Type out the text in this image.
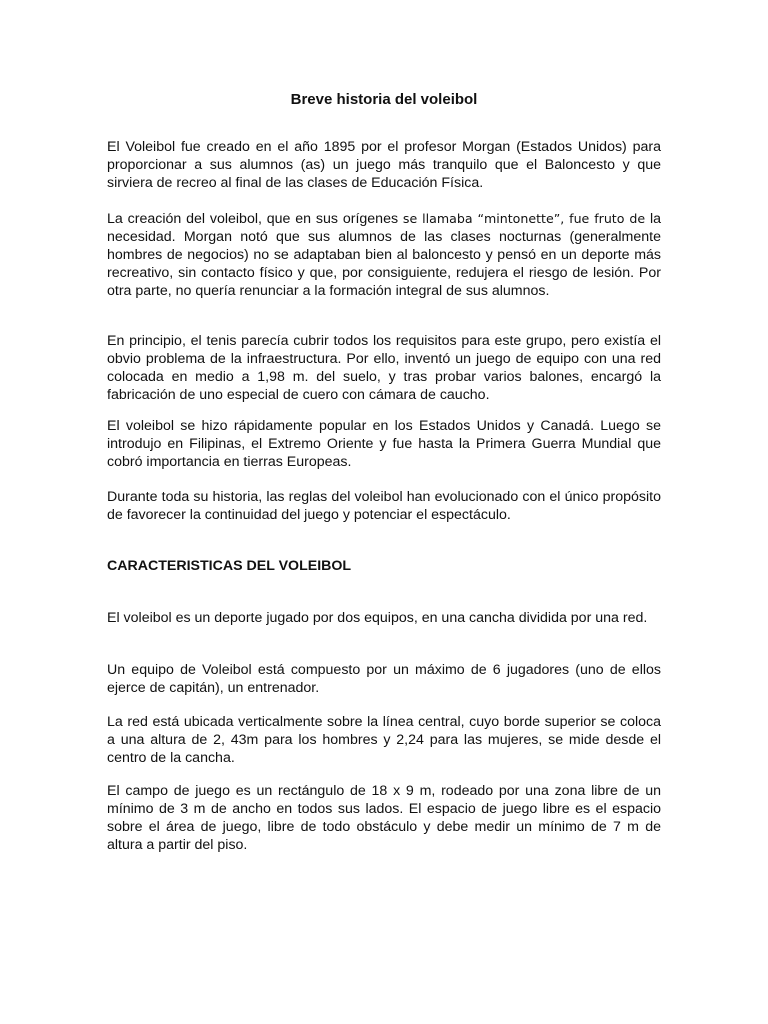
Breve historia del voleibol

El Voleibol fue creado en el año 1895 por el profesor Morgan (Estados Unidos) para proporcionar a sus alumnos (as) un juego más tranquilo que el Baloncesto y que sirviera de recreo al final de las clases de Educación Física.

La creación del voleibol, que en sus orígenes se llamaba “mintonette”, fue fruto de la necesidad. Morgan notó que sus alumnos de las clases nocturnas (generalmente hombres de negocios) no se adaptaban bien al baloncesto y pensó en un deporte más recreativo, sin contacto físico y que, por consiguiente, redujera el riesgo de lesión. Por otra parte, no quería renunciar a la formación integral de sus alumnos.

En principio, el tenis parecía cubrir todos los requisitos para este grupo, pero existía el obvio problema de la infraestructura. Por ello, inventó un juego de equipo con una red colocada en medio a 1,98 m. del suelo, y tras probar varios balones, encargó la fabricación de uno especial de cuero con cámara de caucho.

El voleibol se hizo rápidamente popular en los Estados Unidos y Canadá. Luego se introdujo en Filipinas, el Extremo Oriente y fue hasta la Primera Guerra Mundial que cobró importancia en tierras Europeas.

Durante toda su historia, las reglas del voleibol han evolucionado con el único propósito de favorecer la continuidad del juego y potenciar el espectáculo.

CARACTERISTICAS DEL VOLEIBOL

El voleibol es un deporte jugado por dos equipos, en una cancha dividida por una red.

Un equipo de Voleibol está compuesto por un máximo de 6 jugadores (uno de ellos ejerce de capitán), un entrenador.

La red está ubicada verticalmente sobre la línea central, cuyo borde superior se coloca a una altura de 2, 43m para los hombres y 2,24 para las mujeres, se mide desde el centro de la cancha.

El campo de juego es un rectángulo de 18 x 9 m, rodeado por una zona libre de un mínimo de 3 m de ancho en todos sus lados. El espacio de juego libre es el espacio sobre el área de juego, libre de todo obstáculo y debe medir un mínimo de 7 m de altura a partir del piso.
